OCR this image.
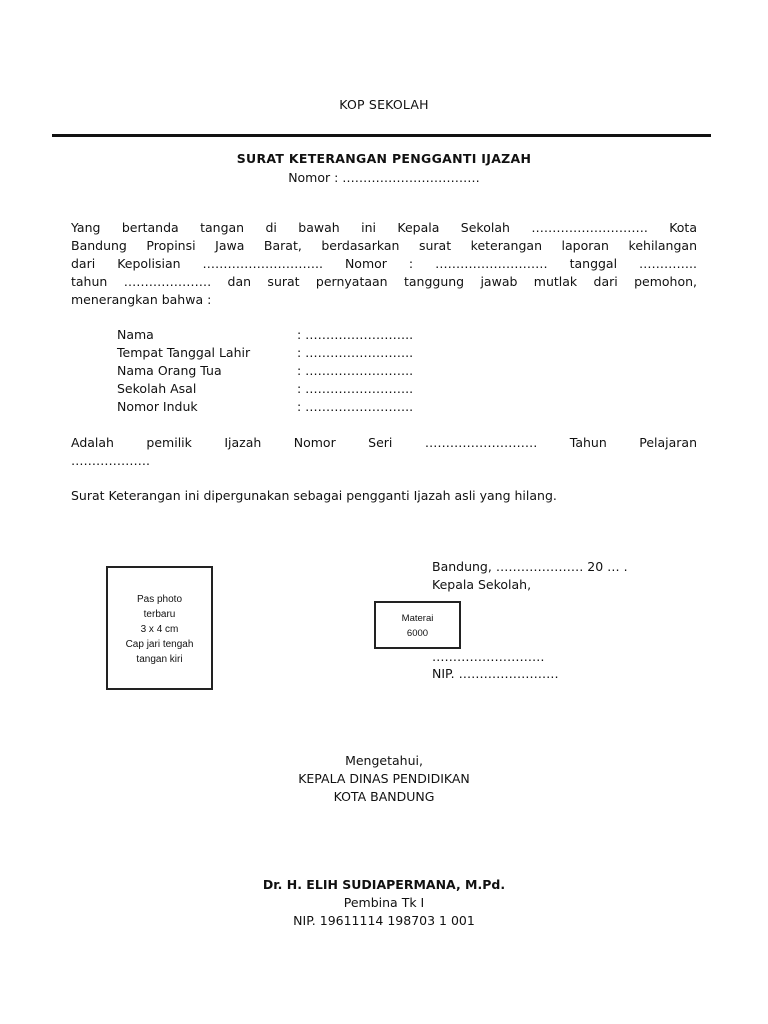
KOP SEKOLAH
SURAT KETERANGAN PENGGANTI IJAZAH
Nomor : ……………………………
Yang bertanda tangan di bawah ini Kepala Sekolah ………………………. Kota
Bandung Propinsi Jawa Barat, berdasarkan surat keterangan laporan kehilangan
dari Kepolisian ……………………….. Nomor : ……………………… tanggal …………..
tahun ………………… dan surat pernyataan tanggung jawab mutlak dari pemohon,
menerangkan bahwa :
Nama	: ……………………..
Tempat Tanggal Lahir	: ……………………..
Nama Orang Tua	: ……………………..
Sekolah Asal	: ……………………..
Nomor Induk	: ……………………..
Adalah pemilik Ijazah Nomor Seri ……………………… Tahun Pelajaran
……………….
Surat Keterangan ini dipergunakan sebagai pengganti Ijazah asli yang hilang.
Pas photo
terbaru
3 x 4 cm
Cap jari tengah
tangan kiri
Materai
6000
Bandung, ………………… 20 … .
Kepala Sekolah,
………………………
NIP. ……………………
Mengetahui,
KEPALA DINAS PENDIDIKAN
KOTA BANDUNG
Dr. H. ELIH SUDIAPERMANA, M.Pd.
Pembina Tk I
NIP. 19611114 198703 1 001
